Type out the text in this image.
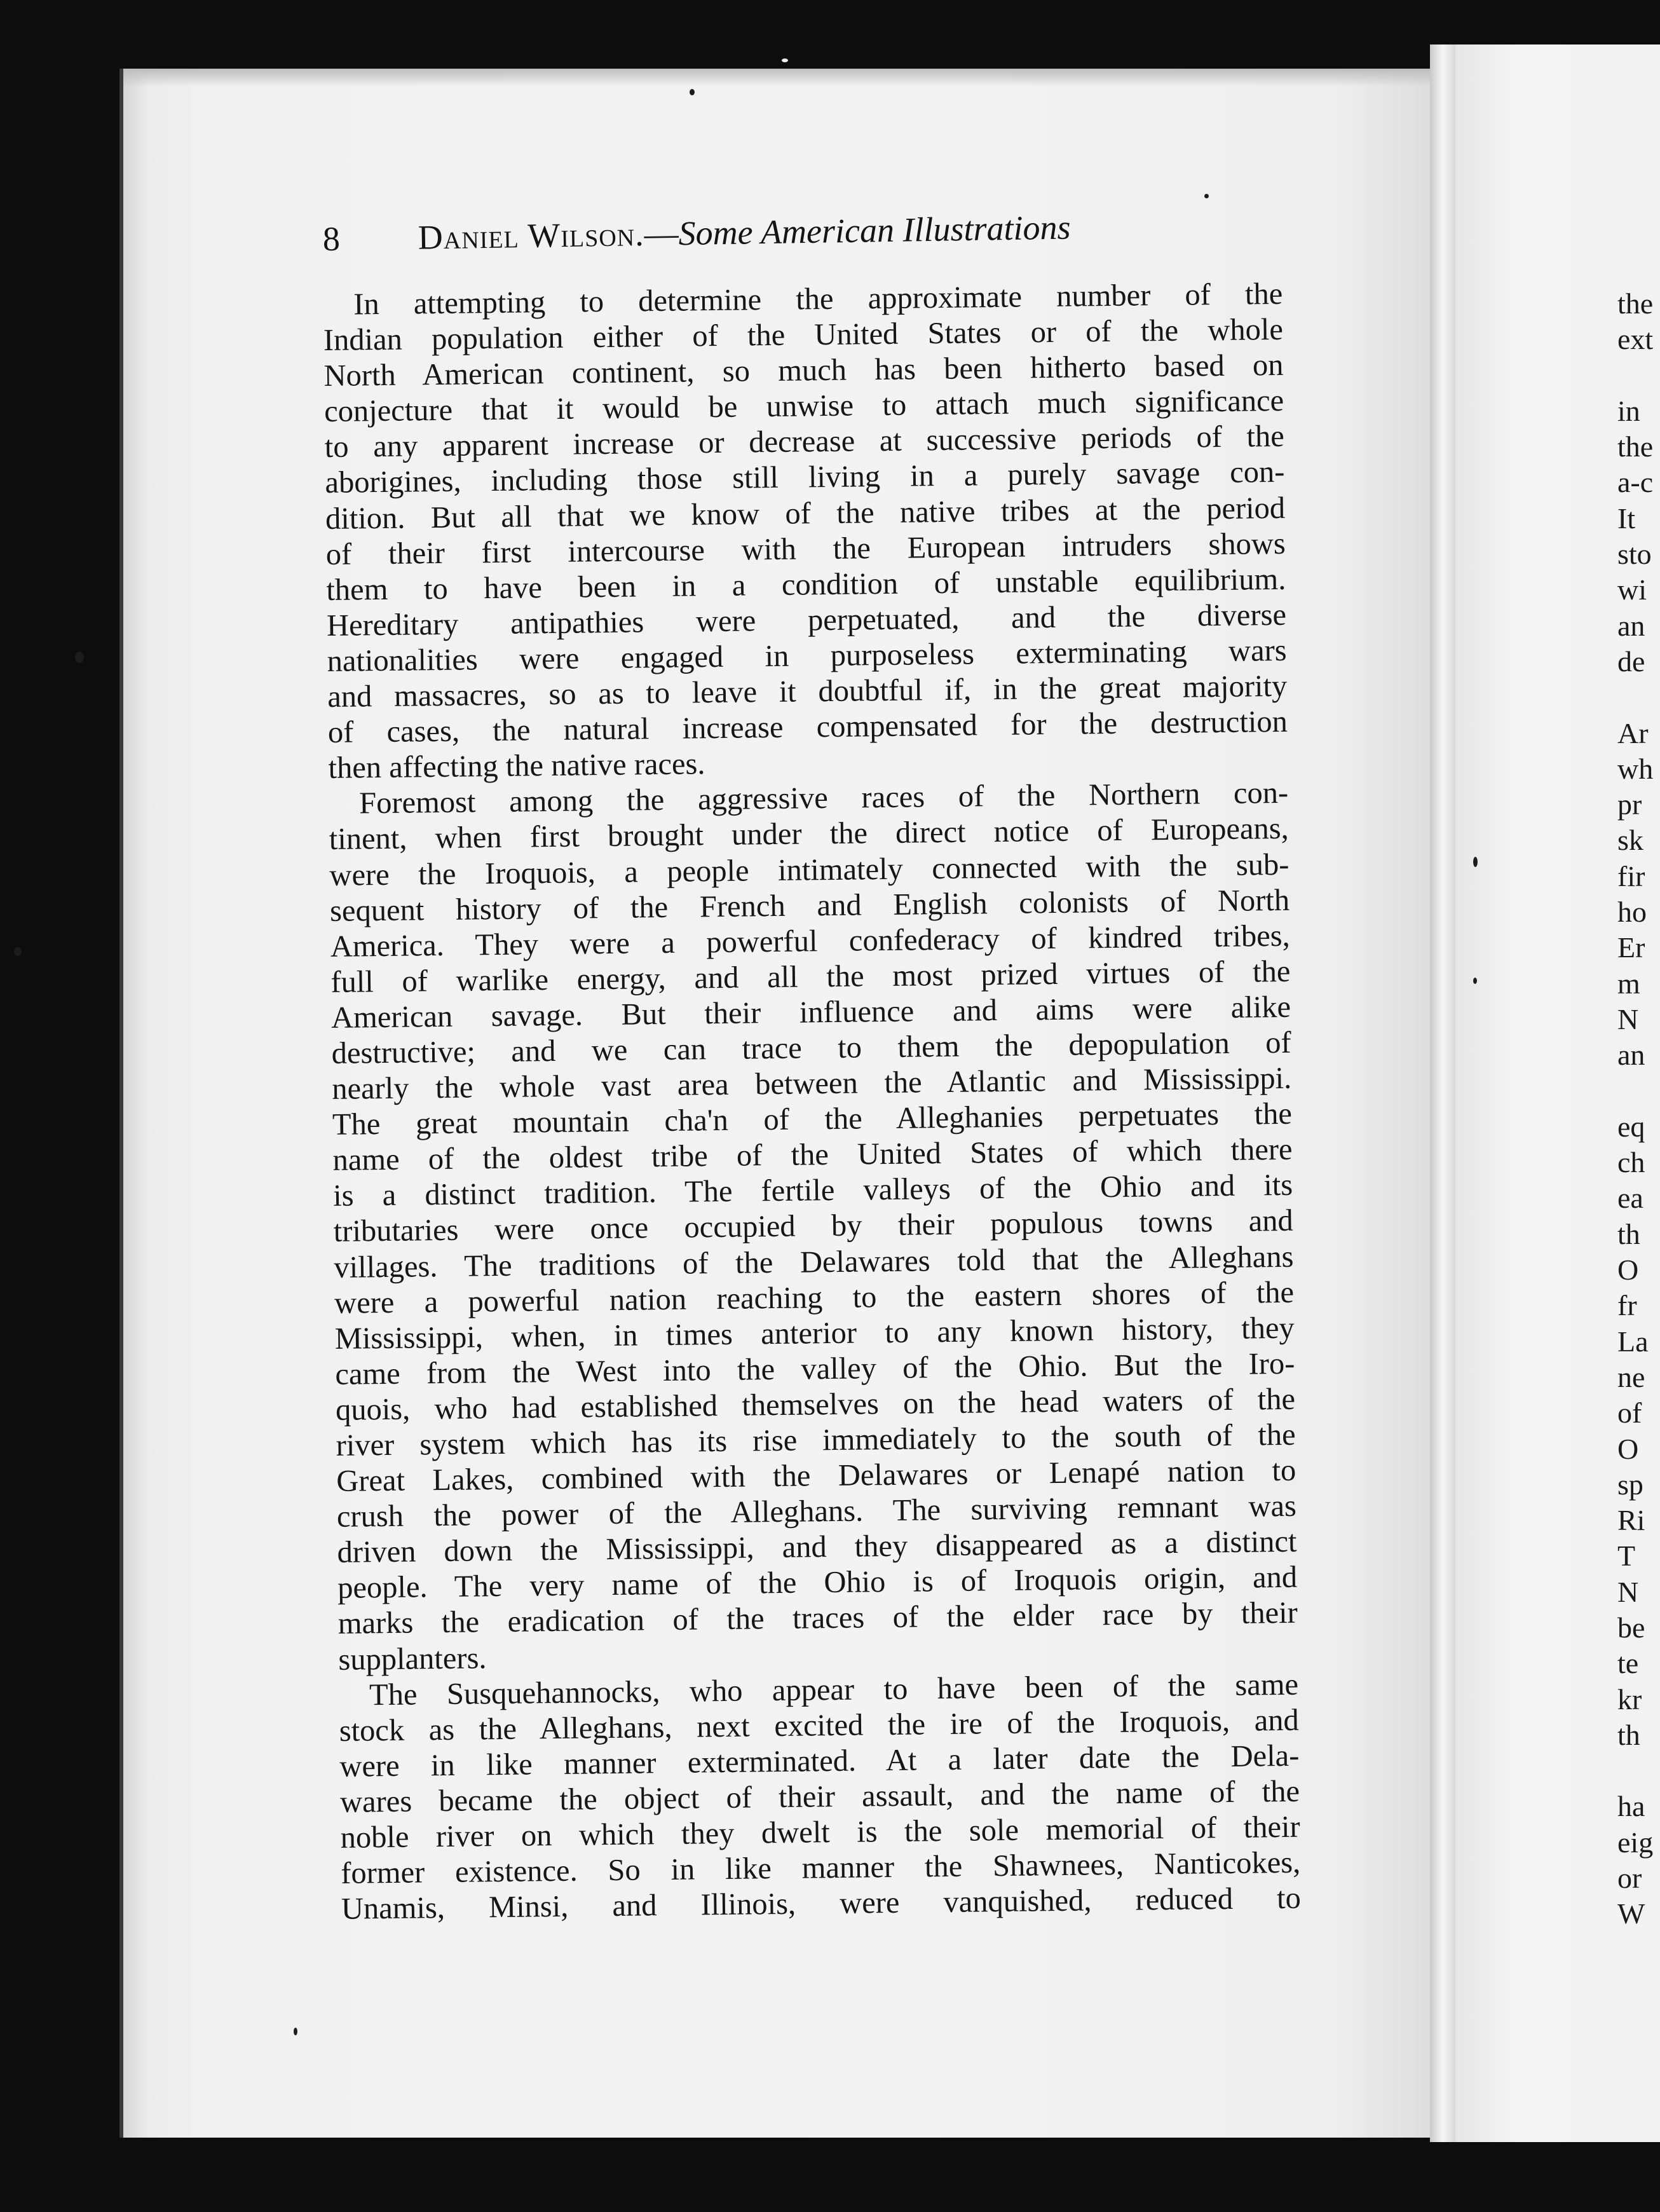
8 Daniel Wilson.—Some American Illustrations
In attempting to determine the approximate number of the
Indian population either of the United States or of the whole
North American continent, so much has been hitherto based on
conjecture that it would be unwise to attach much significance
to any apparent increase or decrease at successive periods of the
aborigines, including those still living in a purely savage con-
dition. But all that we know of the native tribes at the period
of their first intercourse with the European intruders shows
them to have been in a condition of unstable equilibrium.
Hereditary antipathies were perpetuated, and the diverse
nationalities were engaged in purposeless exterminating wars
and massacres, so as to leave it doubtful if, in the great majority
of cases, the natural increase compensated for the destruction
then affecting the native races.
Foremost among the aggressive races of the Northern con-
tinent, when first brought under the direct notice of Europeans,
were the Iroquois, a people intimately connected with the sub-
sequent history of the French and English colonists of North
America. They were a powerful confederacy of kindred tribes,
full of warlike energy, and all the most prized virtues of the
American savage. But their influence and aims were alike
destructive; and we can trace to them the depopulation of
nearly the whole vast area between the Atlantic and Mississippi.
The great mountain cha'n of the Alleghanies perpetuates the
name of the oldest tribe of the United States of which there
is a distinct tradition. The fertile valleys of the Ohio and its
tributaries were once occupied by their populous towns and
villages. The traditions of the Delawares told that the Alleghans
were a powerful nation reaching to the eastern shores of the
Mississippi, when, in times anterior to any known history, they
came from the West into the valley of the Ohio. But the Iro-
quois, who had established themselves on the head waters of the
river system which has its rise immediately to the south of the
Great Lakes, combined with the Delawares or Lenapé nation to
crush the power of the Alleghans. The surviving remnant was
driven down the Mississippi, and they disappeared as a distinct
people. The very name of the Ohio is of Iroquois origin, and
marks the eradication of the traces of the elder race by their
supplanters.
The Susquehannocks, who appear to have been of the same
stock as the Alleghans, next excited the ire of the Iroquois, and
were in like manner exterminated. At a later date the Dela-
wares became the object of their assault, and the name of the
noble river on which they dwelt is the sole memorial of their
former existence. So in like manner the Shawnees, Nanticokes,
Unamis, Minsi, and Illinois, were vanquished, reduced to
the
ext
in
the
a-c
It
sto
wi
an
de
Ar
wh
pr
sk
fir
ho
Er
m
N
an
eq
ch
ea
th
O
fr
La
ne
of
O
sp
Ri
T
N
be
te
kr
th
ha
eig
or
W
